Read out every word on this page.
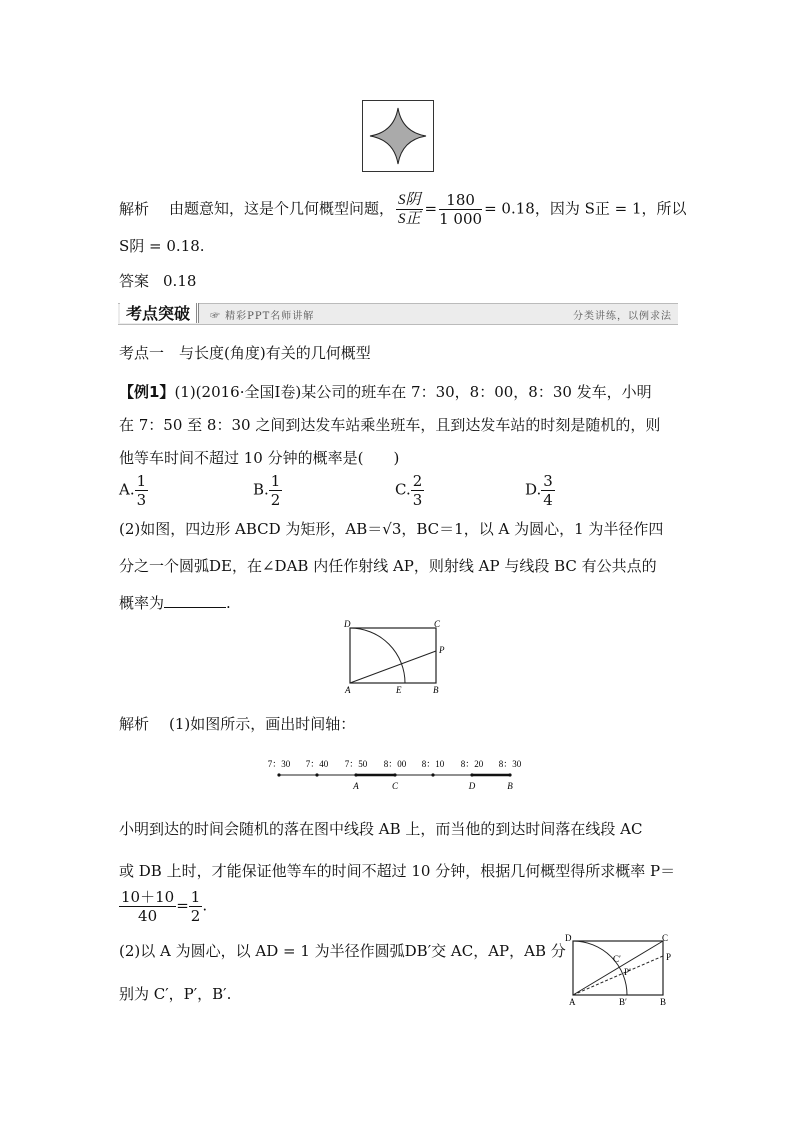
解析 由题意知，这是个几何概型问题， $\frac{\text{S阴}}{\text{S正}} = \frac{180}{1 000} = 0.18$，因为 S正 = 1，所以
S阴 = 0.18.
答案 0.18
考点突破	☞ 精彩PPT名师讲解	分类讲练，以例求法
考点一　与长度(角度)有关的几何概型
【例1】(1)(2016·全国Ⅰ卷)某公司的班车在 7：30，8：00，8：30 发车，小明
在 7：50 至 8：30 之间到达发车站乘坐班车，且到达发车站的时刻是随机的，则
他等车时间不超过 10 分钟的概率是(　　)
A. $\frac{1}{3}$	B. $\frac{1}{2}$	C. $\frac{2}{3}$	D. $\frac{3}{4}$
(2)如图，四边形 ABCD 为矩形，AB＝√3，BC＝1，以 A 为圆心，1 为半径作四
分之一个圆弧DE，在∠DAB 内任作射线 AP，则射线 AP 与线段 BC 有公共点的
概率为	.
D	C
P
A	E	B
解析 (1)如图所示，画出时间轴：
7：30 7：40 7：50 8：00 8：10 8：20 8：30
A	C	D	B
小明到达的时间会随机的落在图中线段 AB 上，而当他的到达时间落在线段 AC
或 DB 上时，才能保证他等车的时间不超过 10 分钟，根据几何概型得所求概率 P＝
$\frac{10+10}{40} = \frac{1}{2}$ .
(2)以 A 为圆心，以 AD = 1 为半径作圆弧DB′交 AC，AP，AB 分
别为 C′，P′，B′.
D	C
C′	P
P′
A	B′	B
